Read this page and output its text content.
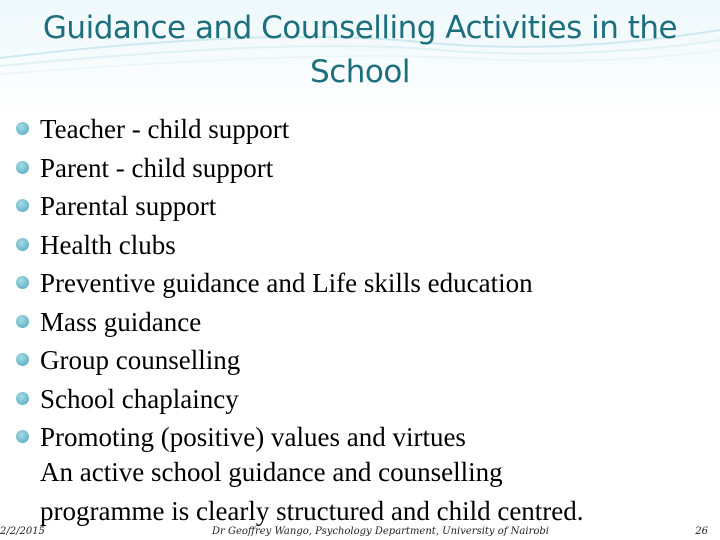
Guidance and Counselling Activities in the
School
Teacher - child support
Parent - child support
Parental support
Health clubs
Preventive guidance and Life skills education
Mass guidance
Group counselling
School chaplaincy
Promoting (positive) values and virtues
An active school guidance and counselling
programme is clearly structured and child centred.
2/2/2015	Dr Geoffrey Wango, Psychology Department, University of Nairobi	26
